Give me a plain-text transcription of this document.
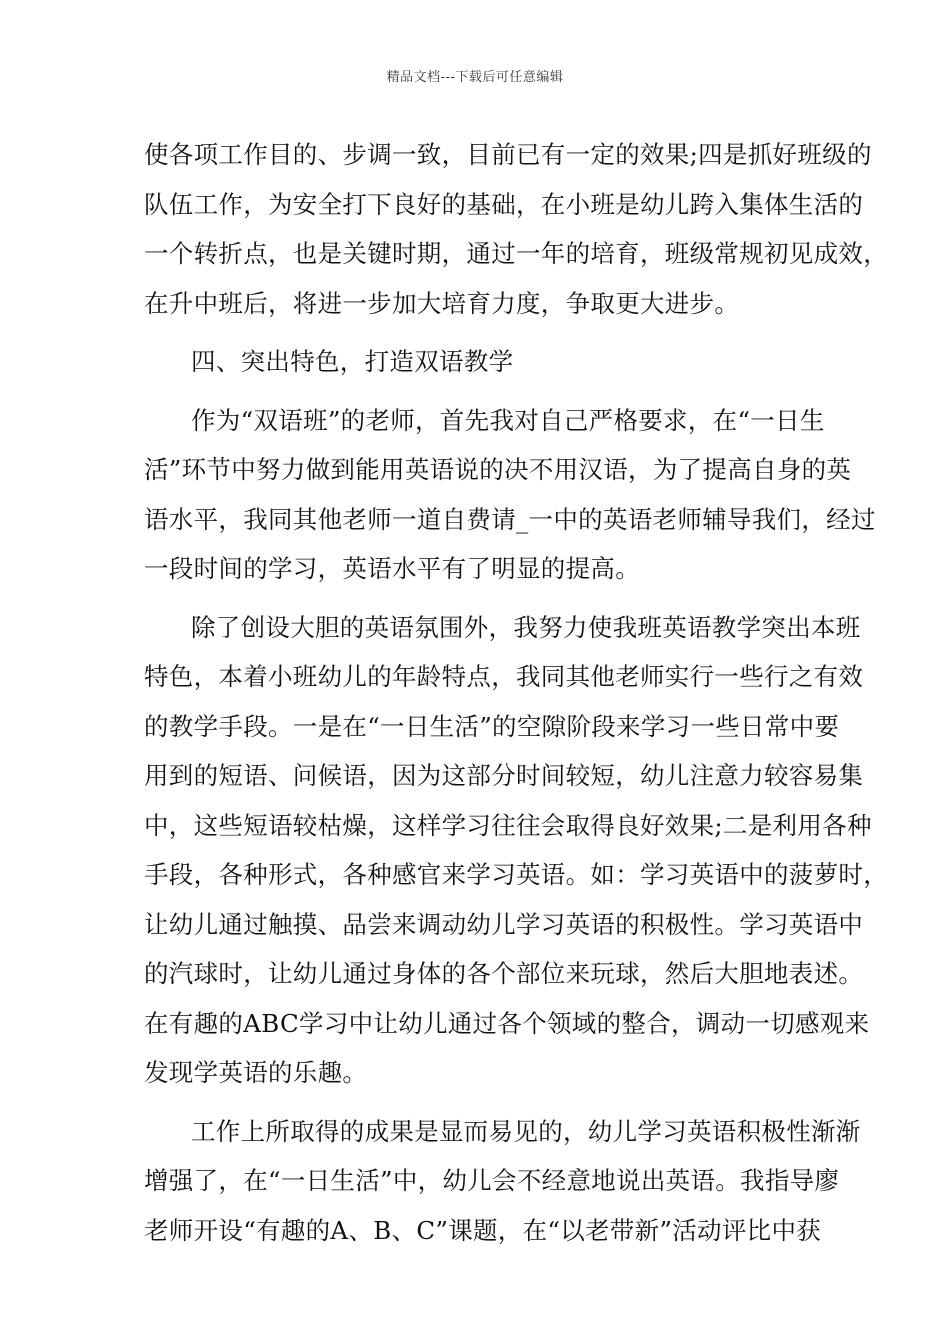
精品文档---下载后可任意编辑
使各项工作目的、步调一致，目前已有一定的效果;四是抓好班级的
队伍工作，为安全打下良好的基础，在小班是幼儿跨入集体生活的
一个转折点，也是关键时期，通过一年的培育，班级常规初见成效，
在升中班后，将进一步加大培育力度，争取更大进步。
四、突出特色，打造双语教学
作为“双语班”的老师，首先我对自己严格要求，在“一日生
活”环节中努力做到能用英语说的决不用汉语，为了提高自身的英
语水平，我同其他老师一道自费请_一中的英语老师辅导我们，经过
一段时间的学习，英语水平有了明显的提高。
除了创设大胆的英语氛围外，我努力使我班英语教学突出本班
特色，本着小班幼儿的年龄特点，我同其他老师实行一些行之有效
的教学手段。一是在“一日生活”的空隙阶段来学习一些日常中要
用到的短语、问候语，因为这部分时间较短，幼儿注意力较容易集
中，这些短语较枯燥，这样学习往往会取得良好效果;二是利用各种
手段，各种形式，各种感官来学习英语。如：学习英语中的菠萝时，
让幼儿通过触摸、品尝来调动幼儿学习英语的积极性。学习英语中
的汽球时，让幼儿通过身体的各个部位来玩球，然后大胆地表述。
在有趣的ABC学习中让幼儿通过各个领域的整合，调动一切感观来
发现学英语的乐趣。
工作上所取得的成果是显而易见的，幼儿学习英语积极性渐渐
增强了，在“一日生活”中，幼儿会不经意地说出英语。我指导廖
老师开设“有趣的A、B、C”课题，在“以老带新”活动评比中获
